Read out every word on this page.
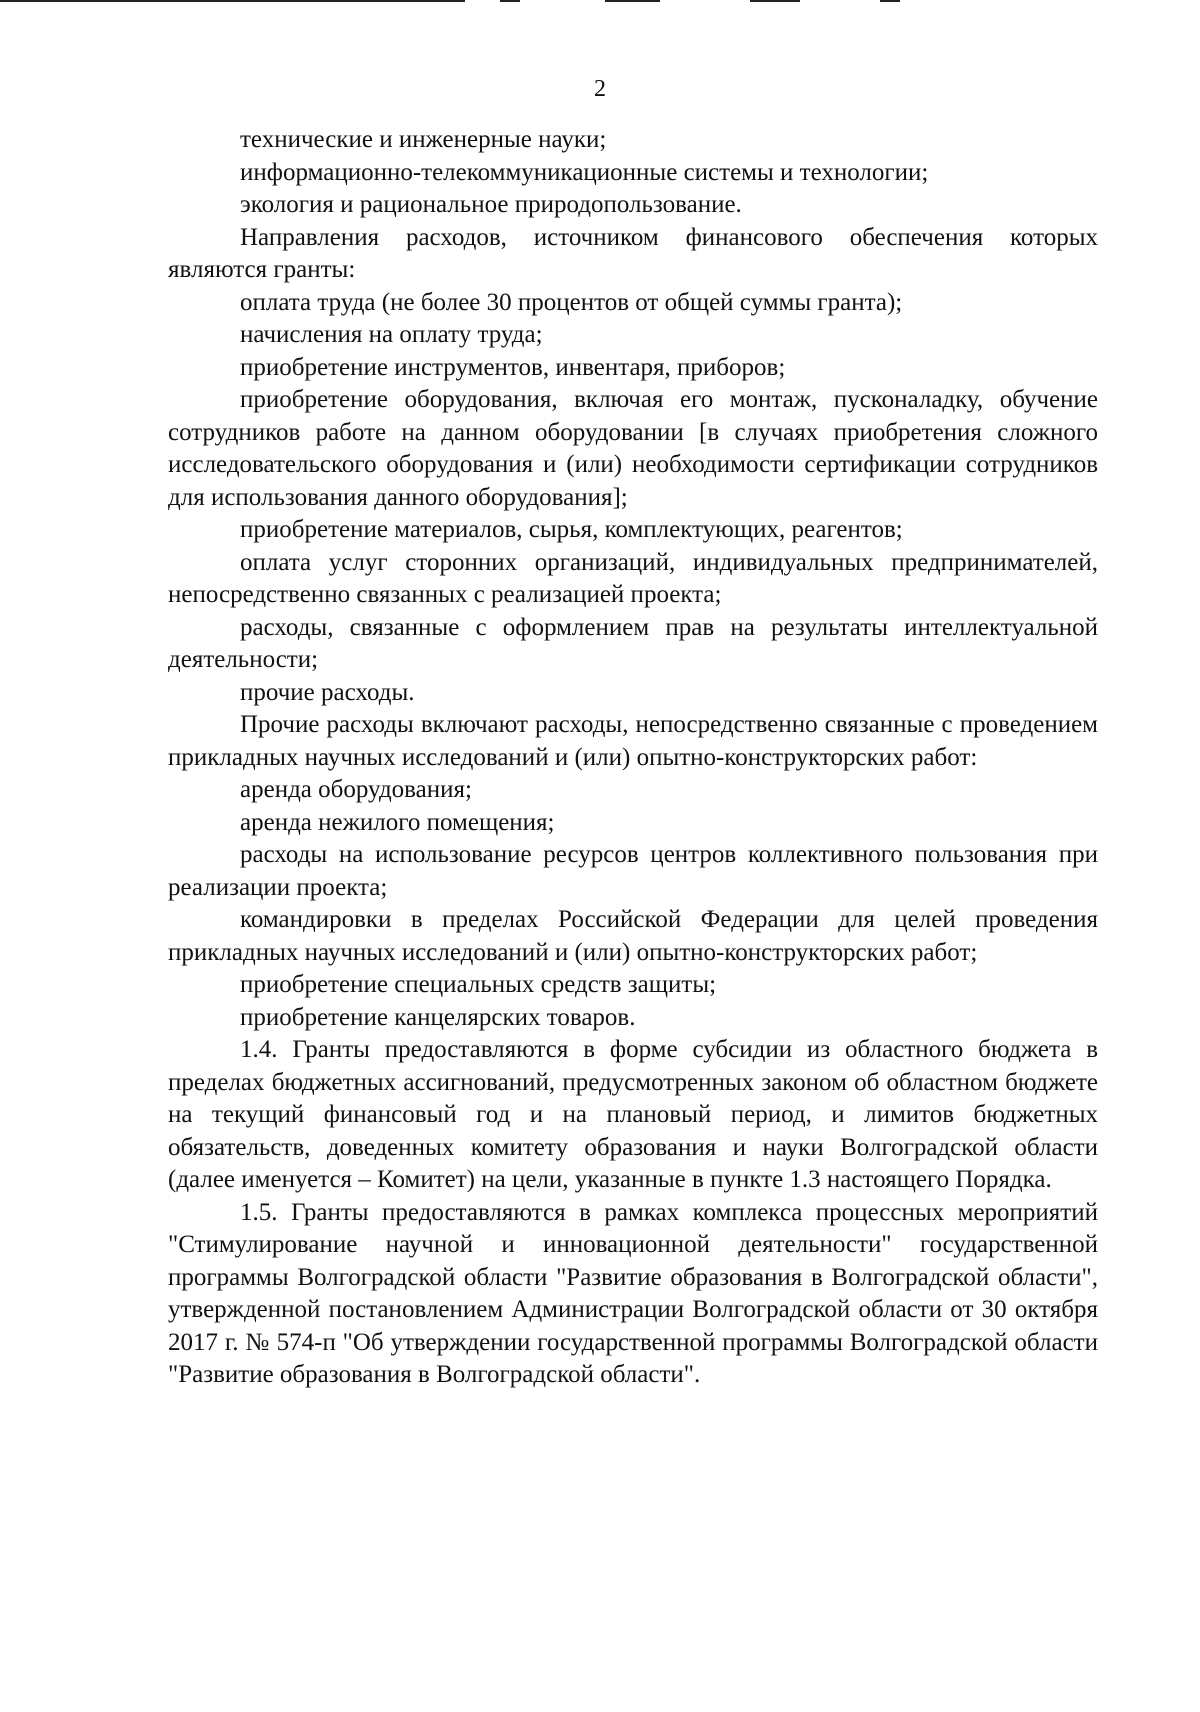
2

технические и инженерные науки;

информационно-телекоммуникационные системы и технологии;

экология и рациональное природопользование.

Направления расходов, источником финансового обеспечения которых являются гранты:

оплата труда (не более 30 процентов от общей суммы гранта);

начисления на оплату труда;

приобретение инструментов, инвентаря, приборов;

приобретение оборудования, включая его монтаж, пусконаладку, обучение сотрудников работе на данном оборудовании [в случаях приобретения сложного исследовательского оборудования и (или) необходимости сертификации сотрудников для использования данного оборудования];

приобретение материалов, сырья, комплектующих, реагентов;

оплата услуг сторонних организаций, индивидуальных предпринимателей, непосредственно связанных с реализацией проекта;

расходы, связанные с оформлением прав на результаты интеллектуальной деятельности;

прочие расходы.

Прочие расходы включают расходы, непосредственно связанные с проведением прикладных научных исследований и (или) опытно-конструкторских работ:

аренда оборудования;

аренда нежилого помещения;

расходы на использование ресурсов центров коллективного пользования при реализации проекта;

командировки в пределах Российской Федерации для целей проведения прикладных научных исследований и (или) опытно-конструкторских работ;

приобретение специальных средств защиты;

приобретение канцелярских товаров.

1.4. Гранты предоставляются в форме субсидии из областного бюджета в пределах бюджетных ассигнований, предусмотренных законом об областном бюджете на текущий финансовый год и на плановый период, и лимитов бюджетных обязательств, доведенных комитету образования и науки Волгоградской области (далее именуется – Комитет) на цели, указанные в пункте 1.3 настоящего Порядка.

1.5. Гранты предоставляются в рамках комплекса процессных мероприятий "Стимулирование научной и инновационной деятельности" государственной программы Волгоградской области "Развитие образования в Волгоградской области", утвержденной постановлением Администрации Волгоградской области от 30 октября 2017 г. № 574-п "Об утверждении государственной программы Волгоградской области "Развитие образования в Волгоградской области".
